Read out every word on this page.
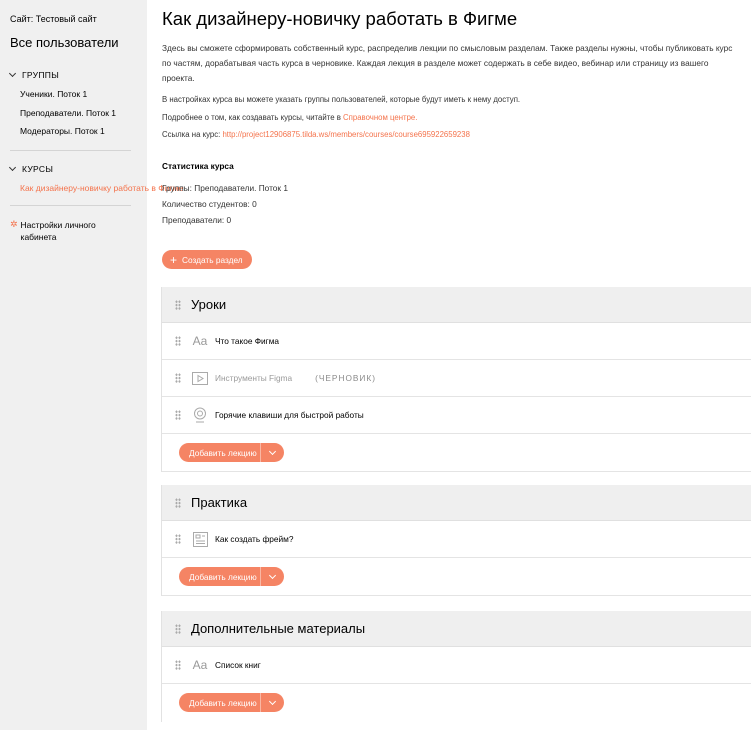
Сайт: Тестовый сайт
Все пользователи
ГРУППЫ
Ученики. Поток 1
Преподаватели. Поток 1
Модераторы. Поток 1
КУРСЫ
Как дизайнеру-новичку работать в Фигме
✲ Настройки личного кабинета
Как дизайнеру-новичку работать в Фигме
Здесь вы сможете сформировать собственный курс, распределив лекции по смысловым разделам. Также разделы нужны, чтобы публиковать курс по частям, дорабатывая часть курса в черновике. Каждая лекция в разделе может содержать в себе видео, вебинар или страницу из вашего проекта.
В настройках курса вы можете указать группы пользователей, которые будут иметь к нему доступ.
Подробнее о том, как создавать курсы, читайте в Справочном центре.
Ссылка на курс: http://project12906875.tilda.ws/members/courses/course695922659238
Статистика курса
Группы: Преподаватели. Поток 1
Количество студентов: 0
Преподаватели: 0
+ Создать раздел
Уроки
Aa Что такое Фигма
Инструменты Figma	(ЧЕРНОВИК)
Горячие клавиши для быстрой работы
Добавить лекцию
Практика
Как создать фрейм?
Добавить лекцию
Дополнительные материалы
Aa Список книг
Добавить лекцию
